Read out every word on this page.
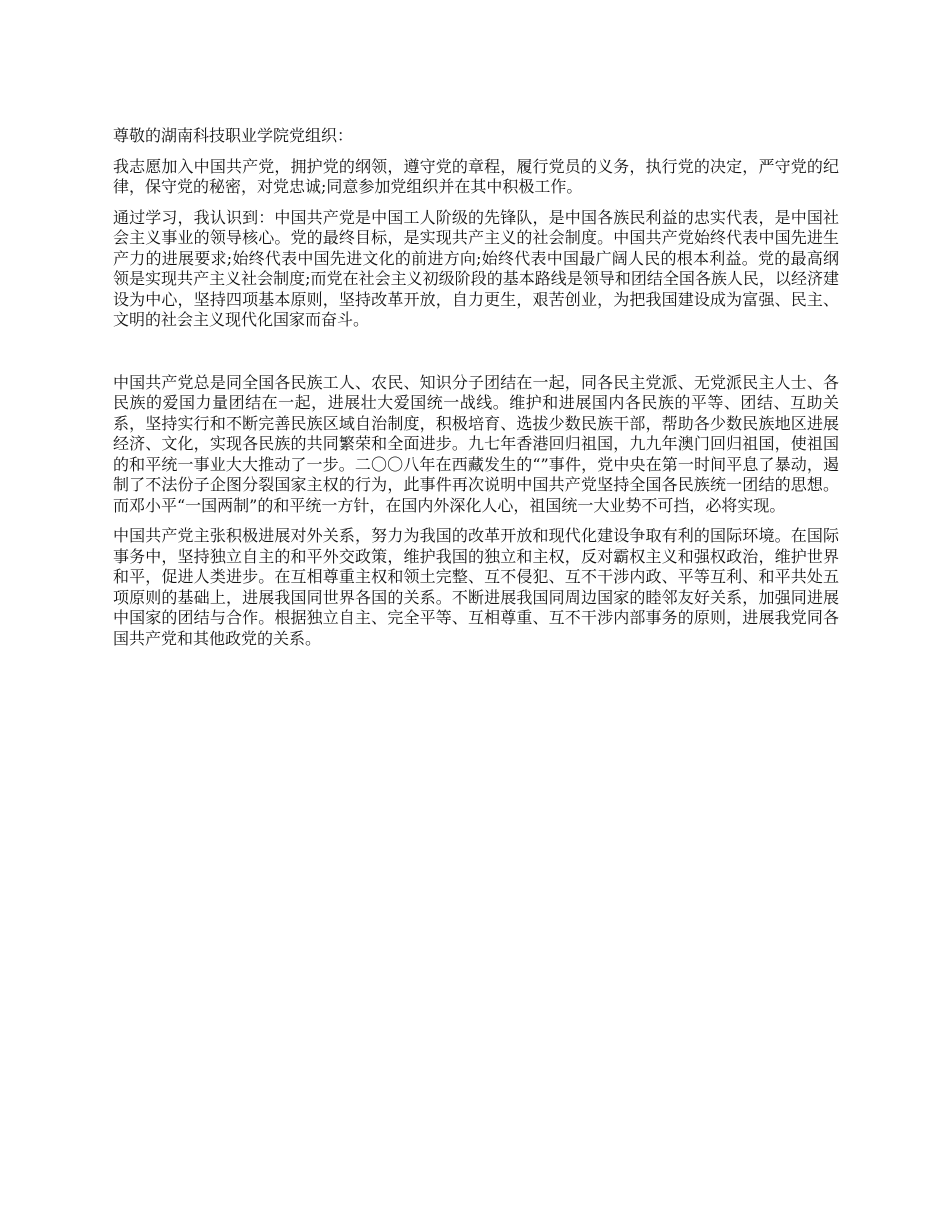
尊敬的湖南科技职业学院党组织：

我志愿加入中国共产党，拥护党的纲领，遵守党的章程，履行党员的义务，执行党的决定，严守党的纪律，保守党的秘密，对党忠诚;同意参加党组织并在其中积极工作。

通过学习，我认识到：中国共产党是中国工人阶级的先锋队，是中国各族民利益的忠实代表，是中国社会主义事业的领导核心。党的最终目标，是实现共产主义的社会制度。中国共产党始终代表中国先进生产力的进展要求;始终代表中国先进文化的前进方向;始终代表中国最广阔人民的根本利益。党的最高纲领是实现共产主义社会制度;而党在社会主义初级阶段的基本路线是领导和团结全国各族人民，以经济建设为中心，坚持四项基本原则，坚持改革开放，自力更生，艰苦创业，为把我国建设成为富强、民主、文明的社会主义现代化国家而奋斗。

中国共产党总是同全国各民族工人、农民、知识分子团结在一起，同各民主党派、无党派民主人士、各民族的爱国力量团结在一起，进展壮大爱国统一战线。维护和进展国内各民族的平等、团结、互助关系，坚持实行和不断完善民族区域自治制度，积极培育、选拔少数民族干部，帮助各少数民族地区进展经济、文化，实现各民族的共同繁荣和全面进步。九七年香港回归祖国，九九年澳门回归祖国，使祖国的和平统一事业大大推动了一步。二〇〇八年在西藏发生的“”事件，党中央在第一时间平息了暴动，遏制了不法份子企图分裂国家主权的行为，此事件再次说明中国共产党坚持全国各民族统一团结的思想。而邓小平“一国两制”的和平统一方针，在国内外深化人心，祖国统一大业势不可挡，必将实现。

中国共产党主张积极进展对外关系，努力为我国的改革开放和现代化建设争取有利的国际环境。在国际事务中，坚持独立自主的和平外交政策，维护我国的独立和主权，反对霸权主义和强权政治，维护世界和平，促进人类进步。在互相尊重主权和领土完整、互不侵犯、互不干涉内政、平等互利、和平共处五项原则的基础上，进展我国同世界各国的关系。不断进展我国同周边国家的睦邻友好关系，加强同进展中国家的团结与合作。根据独立自主、完全平等、互相尊重、互不干涉内部事务的原则，进展我党同各国共产党和其他政党的关系。
